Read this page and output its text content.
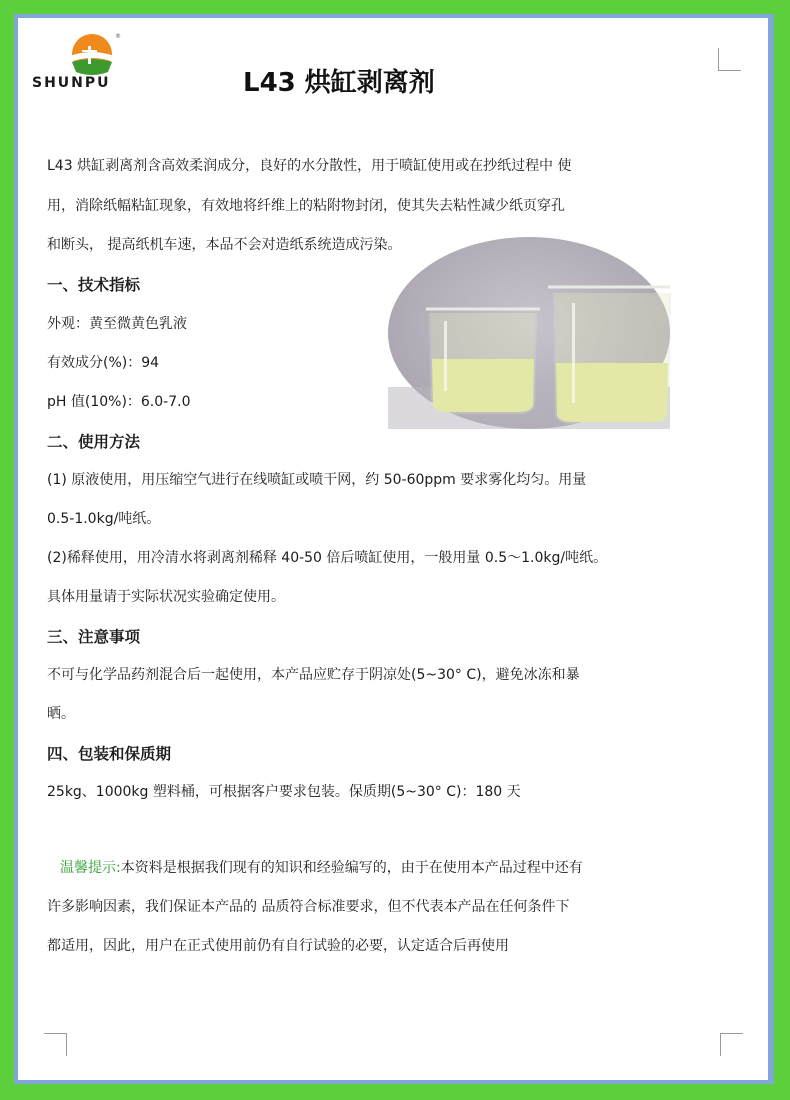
®
SHUNPU	L43 烘缸剥离剂
L43 烘缸剥离剂含高效柔润成分，良好的水分散性，用于喷缸使用或在抄纸过程中 使
用，消除纸幅粘缸现象，有效地将纤维上的粘附物封闭，使其失去粘性减少纸页穿孔
和断头， 提高纸机车速，本品不会对造纸系统造成污染。
一、技术指标
外观：黄至微黄色乳液
有效成分(%)：94
pH 值(10%)：6.0-7.0
二、使用方法
(1) 原液使用，用压缩空气进行在线喷缸或喷干网，约 50-60ppm 要求雾化均匀。用量
0.5-1.0kg/吨纸。
(2)稀释使用，用冷清水将剥离剂稀释 40-50 倍后喷缸使用，一般用量 0.5～1.0kg/吨纸。
具体用量请于实际状况实验确定使用。
三、注意事项
不可与化学品药剂混合后一起使用，本产品应贮存于阴凉处(5~30° C)，避免冰冻和暴
晒。
四、包装和保质期
25kg、1000kg 塑料桶，可根据客户要求包装。保质期(5~30° C)：180 天
温馨提示:本资料是根据我们现有的知识和经验编写的，由于在使用本产品过程中还有
许多影响因素，我们保证本产品的 品质符合标准要求，但不代表本产品在任何条件下
都适用，因此，用户在正式使用前仍有自行试验的必要，认定适合后再使用
